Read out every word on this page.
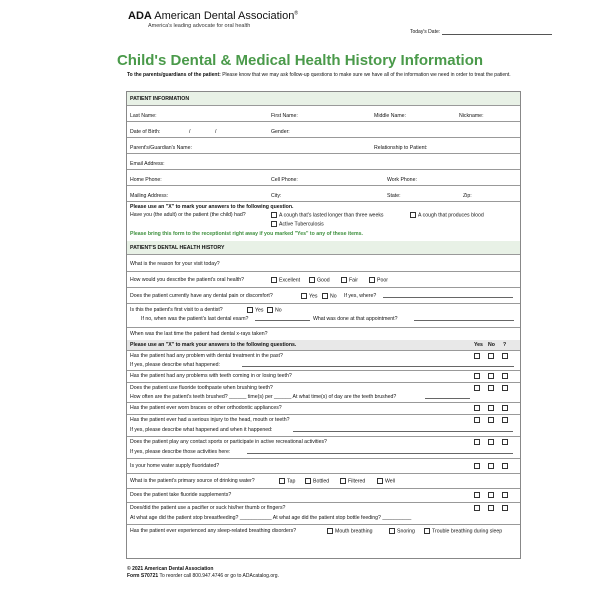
ADA American Dental Association®
America's leading advocate for oral health
Today's Date:
Child's Dental & Medical Health History Information
To the parents/guardians of the patient: Please know that we may ask follow-up questions to make sure we have all of the information we need in order to treat the patient.
PATIENT INFORMATION
Last Name:	First Name:	Middle Name:	Nickname:
Date of Birth:	/	/	Gender:
Parent's/Guardian's Name:	Relationship to Patient:
Email Address:
Home Phone:	Cell Phone:	Work Phone:
Mailing Address:	City:	State:	Zip:
Please use an "X" to mark your answers to the following question.
Have you (the adult) or the patient (the child) had?	A cough that's lasted longer than three weeks	A cough that produces blood
Active Tuberculosis
Please bring this form to the receptionist right away if you marked "Yes" to any of these items.
PATIENT'S DENTAL HEALTH HISTORY
What is the reason for your visit today?
How would you describe the patient's oral health?	Excellent	Good	Fair	Poor
Does the patient currently have any dental pain or discomfort?	Yes	No If yes, where?
Is this the patient's first visit to a dentist?	Yes	No
If no, when was the patient's last dental exam?	What was done at that appointment?
When was the last time the patient had dental x-rays taken?
Please use an "X" to mark your answers to the following questions.	Yes No ?
Has the patient had any problem with dental treatment in the past?
If yes, please describe what happened:
Has the patient had any problems with teeth coming in or losing teeth?
Does the patient use fluoride toothpaste when brushing teeth?
How often are the patient's teeth brushed? ______ time(s) per ______ At what time(s) of day are the teeth brushed?
Has the patient ever worn braces or other orthodontic appliances?
Has the patient ever had a serious injury to the head, mouth or teeth?
If yes, please describe what happened and when it happened:
Does the patient play any contact sports or participate in active recreational activities?
If yes, please describe those activities here:
Is your home water supply fluoridated?
What is the patient's primary source of drinking water?	Tap	Bottled	Filtered	Well
Does the patient take fluoride supplements?
Does/did the patient use a pacifier or suck his/her thumb or fingers?
At what age did the patient stop breastfeeding? ___________ At what age did the patient stop bottle feeding? __________
Has the patient ever experienced any sleep-related breathing disorders?	Mouth breathing	Snoring	Trouble breathing during sleep
© 2021 American Dental Association
Form S70721 To reorder call 800.947.4746 or go to ADAcatalog.org.
